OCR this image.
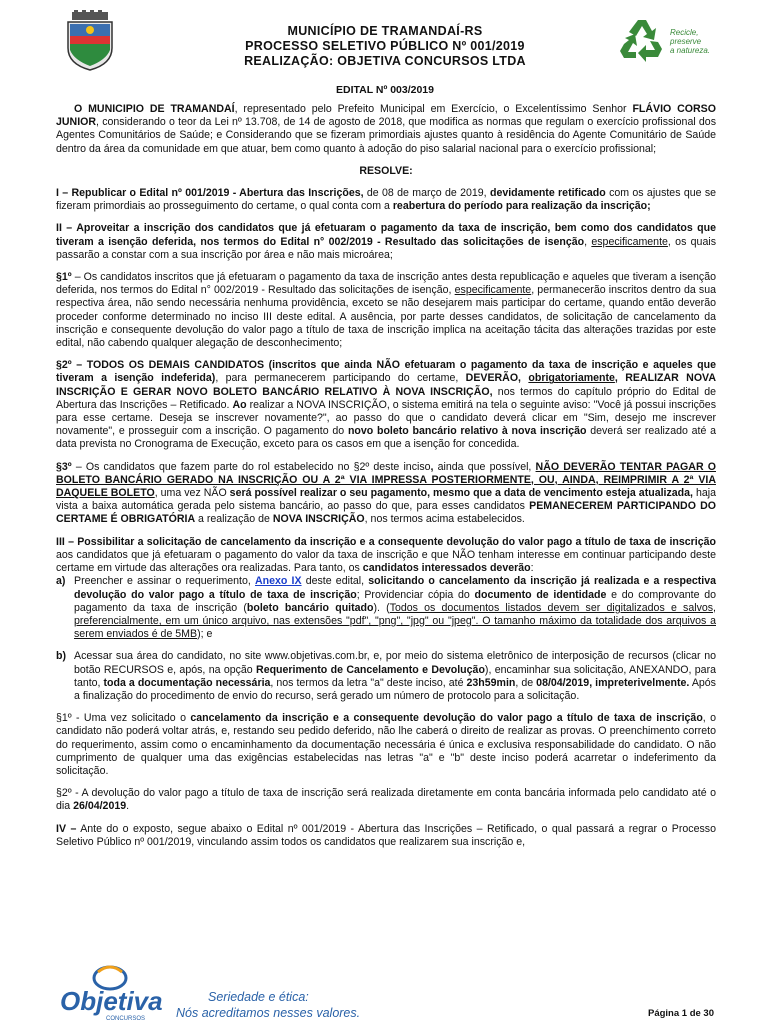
MUNICÍPIO DE TRAMANDAÍ-RS
PROCESSO SELETIVO PÚBLICO Nº 001/2019
REALIZAÇÃO: OBJETIVA CONCURSOS LTDA
Recicle,
preserve
a natureza.
EDITAL Nº 003/2019

O MUNICIPIO DE TRAMANDAÍ, representado pelo Prefeito Municipal em Exercício, o Excelentíssimo Senhor FLÁVIO CORSO JUNIOR, considerando o teor da Lei nº 13.708, de 14 de agosto de 2018, que modifica as normas que regulam o exercício profissional dos Agentes Comunitários de Saúde; e Considerando que se fizeram primordiais ajustes quanto à residência do Agente Comunitário de Saúde dentro da área da comunidade em que atuar, bem como quanto à adoção do piso salarial nacional para o exercício profissional;

RESOLVE:

I – Republicar o Edital nº 001/2019 - Abertura das Inscrições, de 08 de março de 2019, devidamente retificado com os ajustes que se fizeram primordiais ao prosseguimento do certame, o qual conta com a reabertura do período para realização da inscrição;

II – Aproveitar a inscrição dos candidatos que já efetuaram o pagamento da taxa de inscrição, bem como dos candidatos que tiveram a isenção deferida, nos termos do Edital n° 002/2019 - Resultado das solicitações de isenção, especificamente, os quais passarão a constar com a sua inscrição por área e não mais microárea;

§1º – Os candidatos inscritos que já efetuaram o pagamento da taxa de inscrição antes desta republicação e aqueles que tiveram a isenção deferida, nos termos do Edital n° 002/2019 - Resultado das solicitações de isenção, especificamente, permanecerão inscritos dentro da sua respectiva área, não sendo necessária nenhuma providência, exceto se não desejarem mais participar do certame, quando então deverão proceder conforme determinado no inciso III deste edital. A ausência, por parte desses candidatos, de solicitação de cancelamento da inscrição e consequente devolução do valor pago a título de taxa de inscrição implica na aceitação tácita das alterações trazidas por este edital, não cabendo qualquer alegação de desconhecimento;

§2º – TODOS OS DEMAIS CANDIDATOS (inscritos que ainda NÃO efetuaram o pagamento da taxa de inscrição e aqueles que tiveram a isenção indeferida), para permanecerem participando do certame, DEVERÃO, obrigatoriamente, REALIZAR NOVA INSCRIÇÃO E GERAR NOVO BOLETO BANCÁRIO RELATIVO À NOVA INSCRIÇÃO, nos termos do capítulo próprio do Edital de Abertura das Inscrições – Retificado. Ao realizar a NOVA INSCRIÇÃO, o sistema emitirá na tela o seguinte aviso: "Você já possui inscrições para esse certame. Deseja se inscrever novamente?", ao passo do que o candidato deverá clicar em "Sim, desejo me inscrever novamente", e prosseguir com a inscrição. O pagamento do novo boleto bancário relativo à nova inscrição deverá ser realizado até a data prevista no Cronograma de Execução, exceto para os casos em que a isenção for concedida.

§3º – Os candidatos que fazem parte do rol estabelecido no §2º deste inciso, ainda que possível, NÃO DEVERÃO TENTAR PAGAR O BOLETO BANCÁRIO GERADO NA INSCRIÇÃO OU A 2ª VIA IMPRESSA POSTERIORMENTE, OU, AINDA, REIMPRIMIR A 2ª VIA DAQUELE BOLETO, uma vez NÃO será possível realizar o seu pagamento, mesmo que a data de vencimento esteja atualizada, haja vista a baixa automática gerada pelo sistema bancário, ao passo do que, para esses candidatos PEMANECEREM PARTICIPANDO DO CERTAME É OBRIGATÓRIA a realização de NOVA INSCRIÇÃO, nos termos acima estabelecidos.

III – Possibilitar a solicitação de cancelamento da inscrição e a consequente devolução do valor pago a título de taxa de inscrição aos candidatos que já efetuaram o pagamento do valor da taxa de inscrição e que NÃO tenham interesse em continuar participando deste certame em virtude das alterações ora realizadas. Para tanto, os candidatos interessados deverão:

a) Preencher e assinar o requerimento, Anexo IX deste edital, solicitando o cancelamento da inscrição já realizada e a respectiva devolução do valor pago a título de taxa de inscrição; Providenciar cópia do documento de identidade e do comprovante do pagamento da taxa de inscrição (boleto bancário quitado). (Todos os documentos listados devem ser digitalizados e salvos, preferencialmente, em um único arquivo, nas extensões "pdf", "png", "jpg" ou "jpeg". O tamanho máximo da totalidade dos arquivos a serem enviados é de 5MB); e

b) Acessar sua área do candidato, no site www.objetivas.com.br, e, por meio do sistema eletrônico de interposição de recursos (clicar no botão RECURSOS e, após, na opção Requerimento de Cancelamento e Devolução), encaminhar sua solicitação, ANEXANDO, para tanto, toda a documentação necessária, nos termos da letra "a" deste inciso, até 23h59min, de 08/04/2019, impreterivelmente. Após a finalização do procedimento de envio do recurso, será gerado um número de protocolo para a solicitação.

§1º - Uma vez solicitado o cancelamento da inscrição e a consequente devolução do valor pago a título de taxa de inscrição, o candidato não poderá voltar atrás, e, restando seu pedido deferido, não lhe caberá o direito de realizar as provas. O preenchimento correto do requerimento, assim como o encaminhamento da documentação necessária é única e exclusiva responsabilidade do candidato. O não cumprimento de qualquer uma das exigências estabelecidas nas letras "a" e "b" deste inciso poderá acarretar o indeferimento da solicitação.

§2º - A devolução do valor pago a título de taxa de inscrição será realizada diretamente em conta bancária informada pelo candidato até o dia 26/04/2019.

IV – Ante do o exposto, segue abaixo o Edital nº 001/2019 - Abertura das Inscrições – Retificado, o qual passará a regrar o Processo Seletivo Público nº 001/2019, vinculando assim todos os candidatos que realizarem sua inscrição e,

Objetiva
CONCURSOS
Seriedade e ética:
Nós acreditamos nesses valores.	Página 1 de 30
